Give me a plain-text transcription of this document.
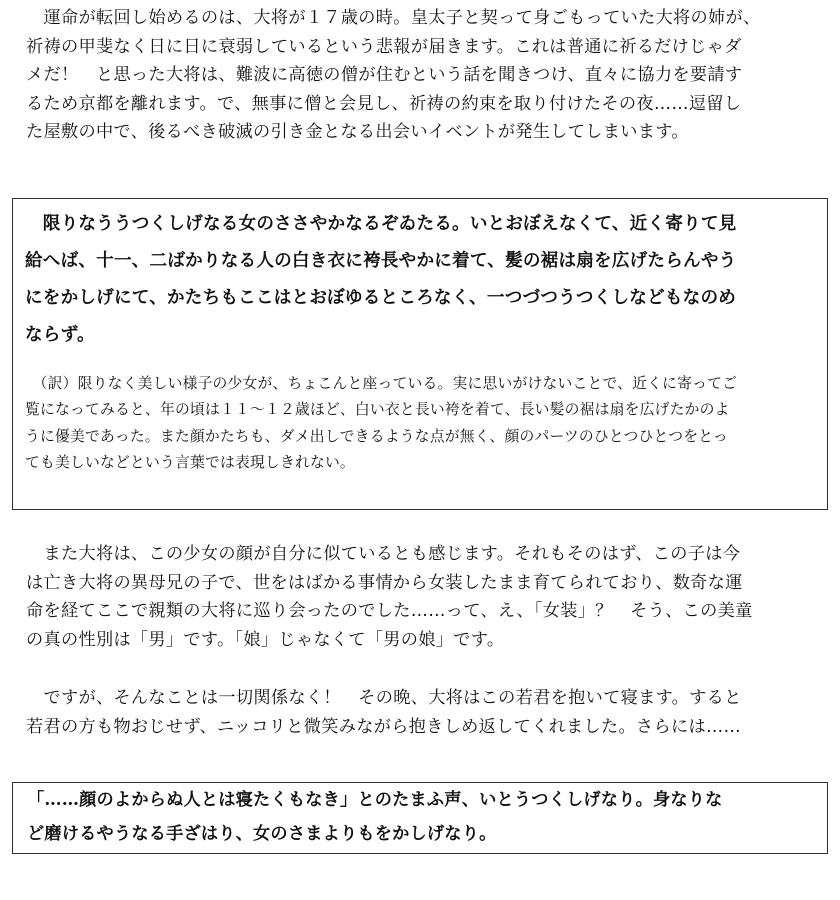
　運命が転回し始めるのは、大将が１７歳の時。皇太子と契って身ごもっていた大将の姉が、
祈祷の甲斐なく日に日に衰弱しているという悲報が届きます。これは普通に祈るだけじゃダ
メだ！　と思った大将は、難波に高徳の僧が住むという話を聞きつけ、直々に協力を要請す
るため京都を離れます。で、無事に僧と会見し、祈祷の約束を取り付けたその夜……逗留し
た屋敷の中で、後るべき破滅の引き金となる出会いイベントが発生してしまいます。
　限りなううつくしげなる女のささやかなるぞゐたる。いとおぼえなくて、近く寄りて見
給へば、十一、二ばかりなる人の白き衣に袴長やかに着て、髪の裾は扇を広げたらんやう
にをかしげにて、かたちもここはとおぼゆるところなく、一つづつうつくしなどもなのめ
ならず。
　（訳）限りなく美しい様子の少女が、ちょこんと座っている。実に思いがけないことで、近くに寄ってご
覧になってみると、年の頃は１１～１２歳ほど、白い衣と長い袴を着て、長い髪の裾は扇を広げたかのよ
うに優美であった。また顔かたちも、ダメ出しできるような点が無く、顔のパーツのひとつひとつをとっ
ても美しいなどという言葉では表現しきれない。
　また大将は、この少女の顔が自分に似ているとも感じます。それもそのはず、この子は今
は亡き大将の異母兄の子で、世をはばかる事情から女装したまま育てられており、数奇な運
命を経てここで親類の大将に巡り会ったのでした……って、え、「女装」？　そう、この美童
の真の性別は「男」です。「娘」じゃなくて「男の娘」です。
　ですが、そんなことは一切関係なく！　その晩、大将はこの若君を抱いて寝ます。すると
若君の方も物おじせず、ニッコリと微笑みながら抱きしめ返してくれました。さらには……
「……顔のよからぬ人とは寝たくもなき」とのたまふ声、いとうつくしげなり。身なりな
ど磨けるやうなる手ざはり、女のさまよりもをかしげなり。
